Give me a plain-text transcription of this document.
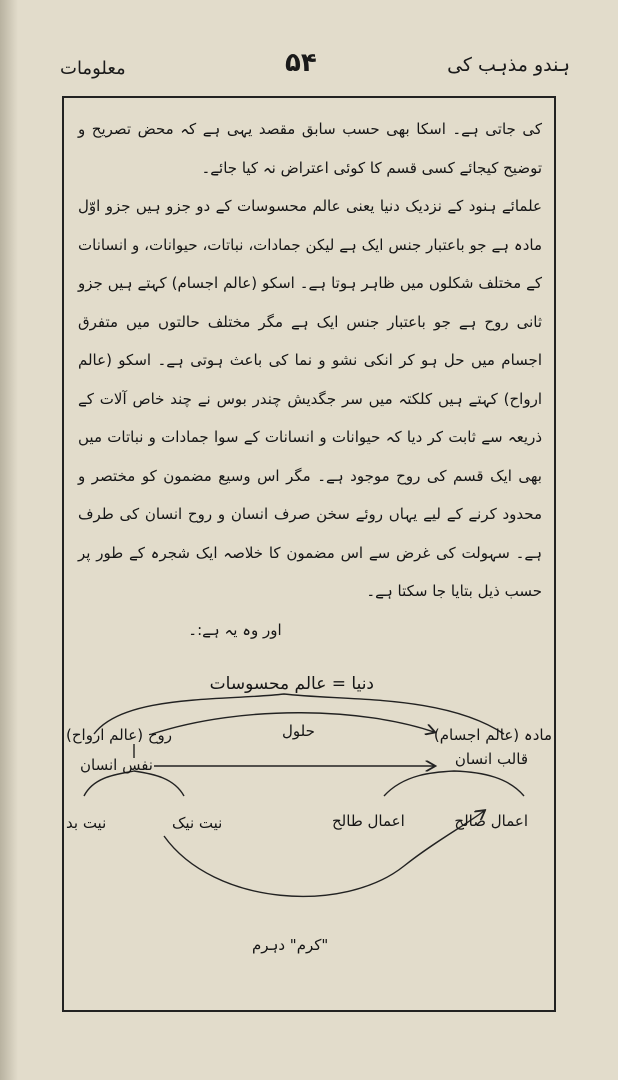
ہندو مذہب کی
۵۴
معلومات

کی جاتی ہے۔ اسکا بھی حسب سابق مقصد یہی ہے کہ محض تصریح و توضیح کیجائے کسی قسم کا کوئی اعتراض نہ کیا جائے۔

علمائے ہنود کے نزدیک دنیا یعنی عالم محسوسات کے دو جزو ہیں جزو اوّل مادہ ہے جو باعتبار جنس ایک ہے لیکن جمادات، نباتات، حیوانات، و انسانات کے مختلف شکلوں میں ظاہر ہوتا ہے۔ اسکو (عالم اجسام) کہتے ہیں جزو ثانی روح ہے جو باعتبار جنس ایک ہے مگر مختلف حالتوں میں متفرق اجسام میں حل ہو کر انکی نشو و نما کی باعث ہوتی ہے۔ اسکو (عالم ارواح) کہتے ہیں کلکتہ میں سر جگدیش چندر بوس نے چند خاص آلات کے ذریعہ سے ثابت کر دیا کہ حیوانات و انسانات کے سوا جمادات و نباتات میں بھی ایک قسم کی روح موجود ہے۔ مگر اس وسیع مضمون کو مختصر و محدود کرنے کے لیے یہاں روئے سخن صرف انسان و روح انسان کی طرف ہے۔ سہولت کی غرض سے اس مضمون کا خلاصہ ایک شجرہ کے طور پر حسب ذیل بتایا جا سکتا ہے۔

اور وہ یہ ہے:۔

دنیا = عالم محسوسات
روح (عالم ارواح)	حلول	مادہ (عالم اجسام)
نفس انسان	قالب انسان
نیت بد	نیت نیک	اعمال طالح	اعمال صالح
"کرم" دہرم
